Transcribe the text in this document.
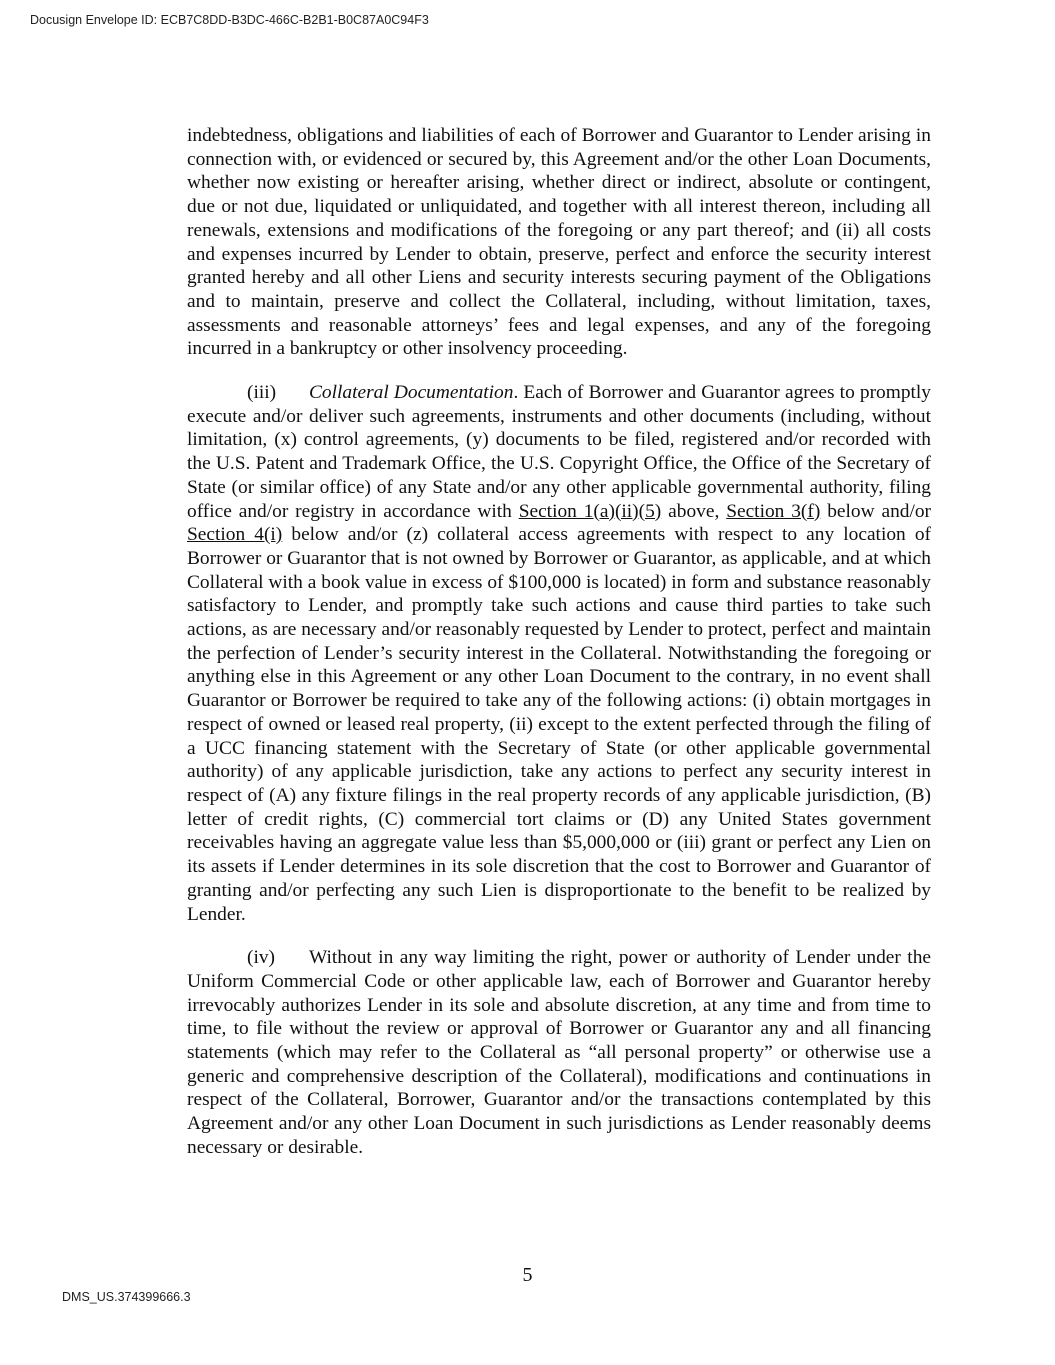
Docusign Envelope ID: ECB7C8DD-B3DC-466C-B2B1-B0C87A0C94F3

indebtedness, obligations and liabilities of each of Borrower and Guarantor to Lender arising in connection with, or evidenced or secured by, this Agreement and/or the other Loan Documents, whether now existing or hereafter arising, whether direct or indirect, absolute or contingent, due or not due, liquidated or unliquidated, and together with all interest thereon, including all renewals, extensions and modifications of the foregoing or any part thereof; and (ii) all costs and expenses incurred by Lender to obtain, preserve, perfect and enforce the security interest granted hereby and all other Liens and security interests securing payment of the Obligations and to maintain, preserve and collect the Collateral, including, without limitation, taxes, assessments and reasonable attorneys’ fees and legal expenses, and any of the foregoing incurred in a bankruptcy or other insolvency proceeding.

(iii) Collateral Documentation. Each of Borrower and Guarantor agrees to promptly execute and/or deliver such agreements, instruments and other documents (including, without limitation, (x) control agreements, (y) documents to be filed, registered and/or recorded with the U.S. Patent and Trademark Office, the U.S. Copyright Office, the Office of the Secretary of State (or similar office) of any State and/or any other applicable governmental authority, filing office and/or registry in accordance with Section 1(a)(ii)(5) above, Section 3(f) below and/or Section 4(i) below and/or (z) collateral access agreements with respect to any location of Borrower or Guarantor that is not owned by Borrower or Guarantor, as applicable, and at which Collateral with a book value in excess of $100,000 is located) in form and substance reasonably satisfactory to Lender, and promptly take such actions and cause third parties to take such actions, as are necessary and/or reasonably requested by Lender to protect, perfect and maintain the perfection of Lender’s security interest in the Collateral. Notwithstanding the foregoing or anything else in this Agreement or any other Loan Document to the contrary, in no event shall Guarantor or Borrower be required to take any of the following actions: (i) obtain mortgages in respect of owned or leased real property, (ii) except to the extent perfected through the filing of a UCC financing statement with the Secretary of State (or other applicable governmental authority) of any applicable jurisdiction, take any actions to perfect any security interest in respect of (A) any fixture filings in the real property records of any applicable jurisdiction, (B) letter of credit rights, (C) commercial tort claims or (D) any United States government receivables having an aggregate value less than $5,000,000 or (iii) grant or perfect any Lien on its assets if Lender determines in its sole discretion that the cost to Borrower and Guarantor of granting and/or perfecting any such Lien is disproportionate to the benefit to be realized by Lender.

(iv) Without in any way limiting the right, power or authority of Lender under the Uniform Commercial Code or other applicable law, each of Borrower and Guarantor hereby irrevocably authorizes Lender in its sole and absolute discretion, at any time and from time to time, to file without the review or approval of Borrower or Guarantor any and all financing statements (which may refer to the Collateral as “all personal property” or otherwise use a generic and comprehensive description of the Collateral), modifications and continuations in respect of the Collateral, Borrower, Guarantor and/or the transactions contemplated by this Agreement and/or any other Loan Document in such jurisdictions as Lender reasonably deems necessary or desirable.

5
DMS_US.374399666.3
